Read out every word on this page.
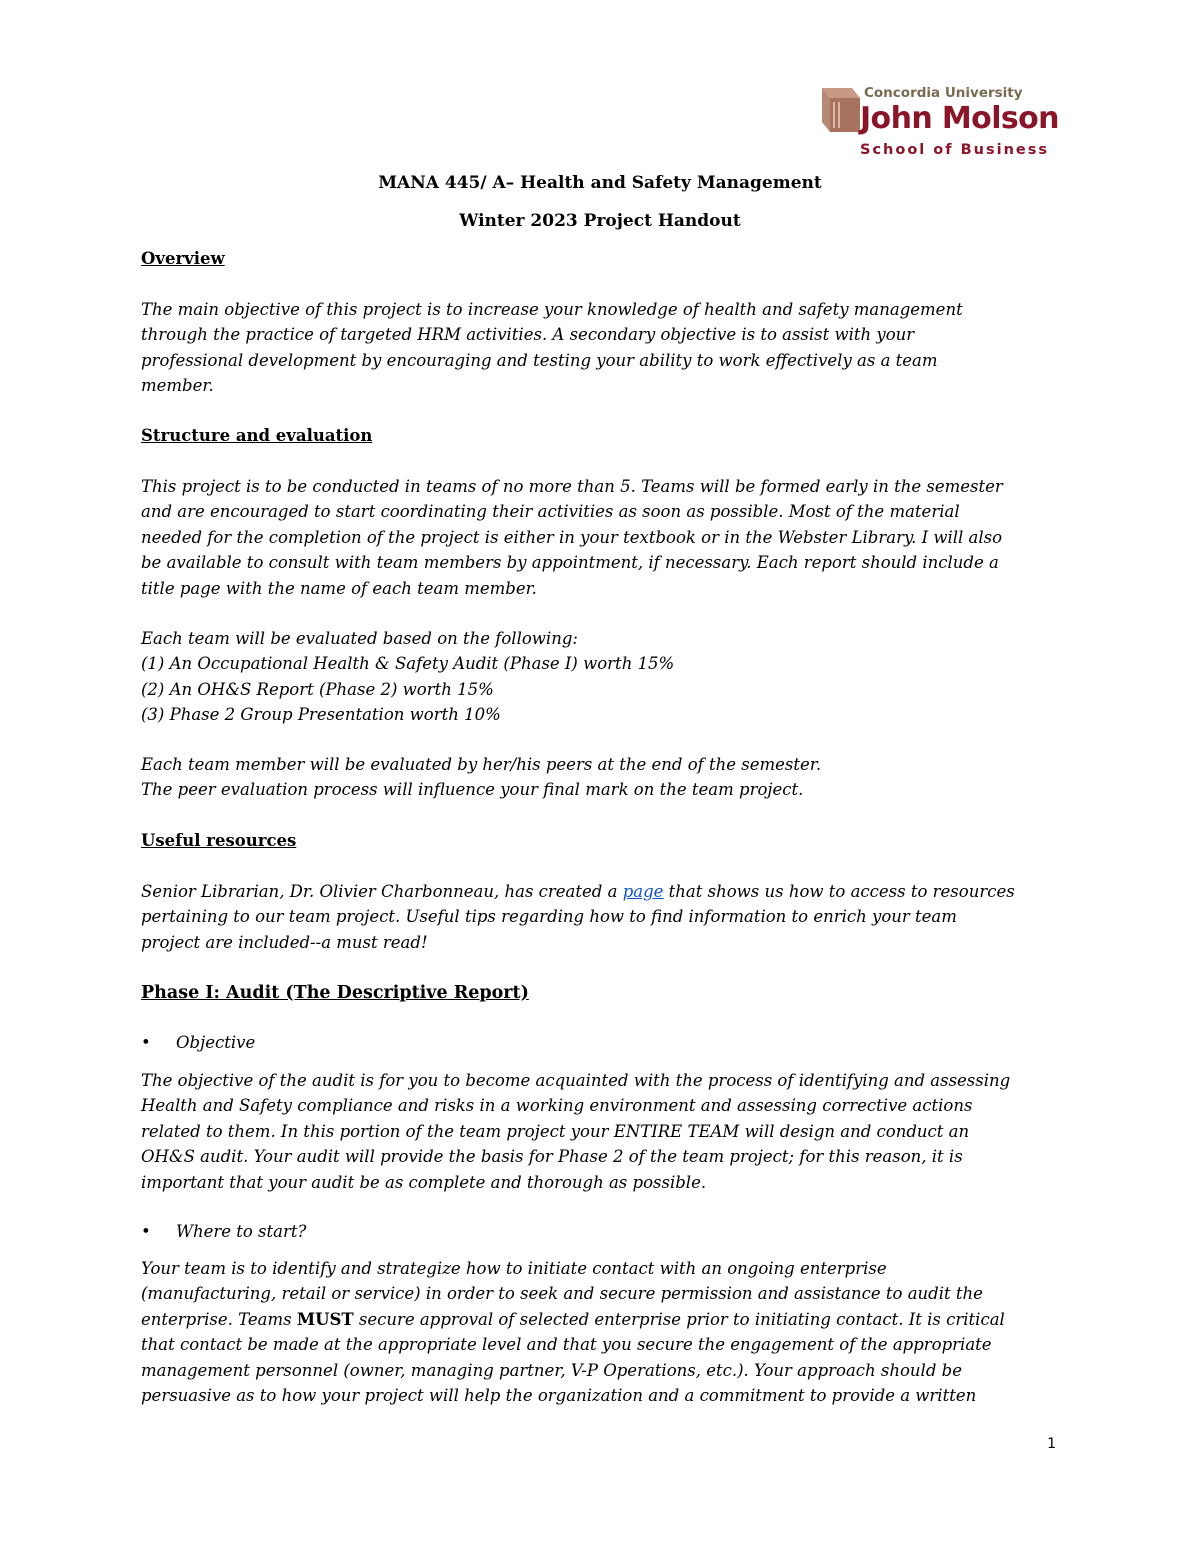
Concordia University
John Molson
School of Business
MANA 445/ A– Health and Safety Management
Winter 2023 Project Handout
Overview
The main objective of this project is to increase your knowledge of health and safety management
through the practice of targeted HRM activities. A secondary objective is to assist with your
professional development by encouraging and testing your ability to work effectively as a team
member.
Structure and evaluation
This project is to be conducted in teams of no more than 5. Teams will be formed early in the semester
and are encouraged to start coordinating their activities as soon as possible. Most of the material
needed for the completion of the project is either in your textbook or in the Webster Library. I will also
be available to consult with team members by appointment, if necessary. Each report should include a
title page with the name of each team member.
Each team will be evaluated based on the following:
(1) An Occupational Health & Safety Audit (Phase I) worth 15%
(2) An OH&S Report (Phase 2) worth 15%
(3) Phase 2 Group Presentation worth 10%
Each team member will be evaluated by her/his peers at the end of the semester.
The peer evaluation process will influence your final mark on the team project.
Useful resources
Senior Librarian, Dr. Olivier Charbonneau, has created a page that shows us how to access to resources
pertaining to our team project. Useful tips regarding how to find information to enrich your team
project are included--a must read!
Phase I: Audit (The Descriptive Report)
• Objective
The objective of the audit is for you to become acquainted with the process of identifying and assessing
Health and Safety compliance and risks in a working environment and assessing corrective actions
related to them. In this portion of the team project your ENTIRE TEAM will design and conduct an
OH&S audit. Your audit will provide the basis for Phase 2 of the team project; for this reason, it is
important that your audit be as complete and thorough as possible.
• Where to start?
Your team is to identify and strategize how to initiate contact with an ongoing enterprise
(manufacturing, retail or service) in order to seek and secure permission and assistance to audit the
enterprise. Teams MUST secure approval of selected enterprise prior to initiating contact. It is critical
that contact be made at the appropriate level and that you secure the engagement of the appropriate
management personnel (owner, managing partner, V-P Operations, etc.). Your approach should be
persuasive as to how your project will help the organization and a commitment to provide a written
1
